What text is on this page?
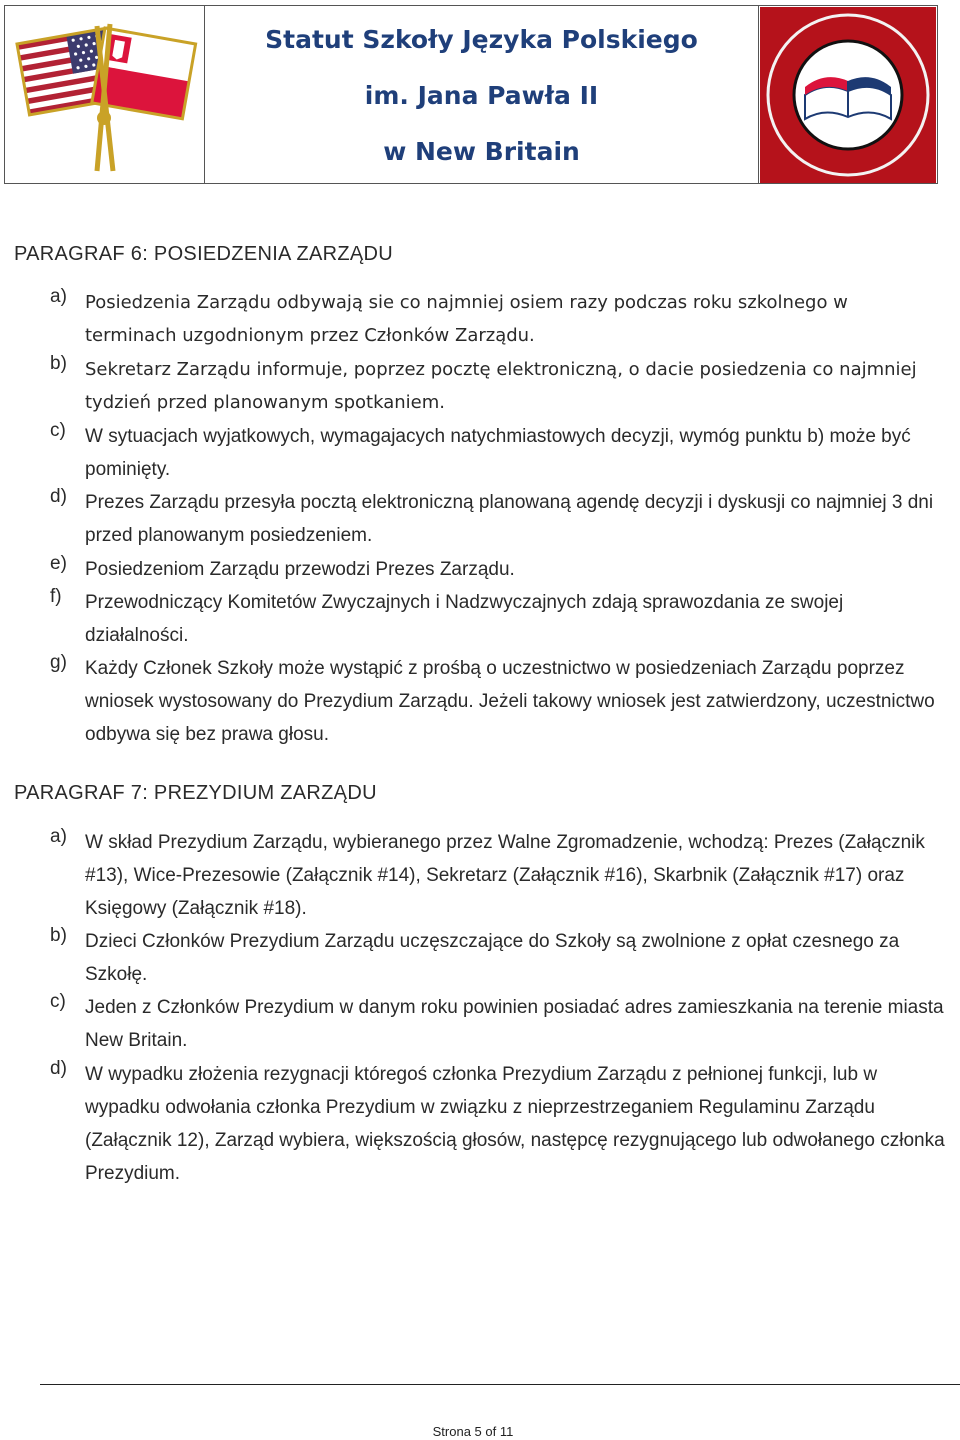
Statut Szkoły Języka Polskiego
im. Jana Pawła II
w New Britain
PARAGRAF 6: POSIEDZENIA ZARZĄDU
a) Posiedzenia Zarządu odbywają sie co najmniej osiem razy podczas roku szkolnego w terminach uzgodnionym przez Członków Zarządu.
b) Sekretarz Zarządu informuje, poprzez pocztę elektroniczną, o dacie posiedzenia co najmniej tydzień przed planowanym spotkaniem.
c) W sytuacjach wyjatkowych, wymagajacych natychmiastowych decyzji, wymóg punktu b) może być pominięty.
d) Prezes Zarządu przesyła pocztą elektroniczną planowaną agendę decyzji i dyskusji co najmniej 3 dni przed planowanym posiedzeniem.
e) Posiedzeniom Zarządu przewodzi Prezes Zarządu.
f) Przewodniczący Komitetów Zwyczajnych i Nadzwyczajnych zdają sprawozdania ze swojej działalności.
g) Każdy Członek Szkoły może wystąpić z prośbą o uczestnictwo w posiedzeniach Zarządu poprzez wniosek wystosowany do Prezydium Zarządu. Jeżeli takowy wniosek jest zatwierdzony, uczestnictwo odbywa się bez prawa głosu.
PARAGRAF 7: PREZYDIUM ZARZĄDU
a) W skład Prezydium Zarządu, wybieranego przez Walne Zgromadzenie, wchodzą: Prezes (Załącznik #13), Wice-Prezesowie (Załącznik #14), Sekretarz (Załącznik #16), Skarbnik (Załącznik #17) oraz Księgowy (Załącznik #18).
b) Dzieci Członków Prezydium Zarządu uczęszczające do Szkoły są zwolnione z opłat czesnego za Szkołę.
c) Jeden z Członków Prezydium w danym roku powinien posiadać adres zamieszkania na terenie miasta New Britain.
d) W wypadku złożenia rezygnacji któregoś członka Prezydium Zarządu z pełnionej funkcji, lub w wypadku odwołania członka Prezydium w związku z nieprzestrzeganiem Regulaminu Zarządu (Załącznik 12), Zarząd wybiera, większością głosów, następcę rezygnującego lub odwołanego członka Prezydium.
Strona 5 of 11
